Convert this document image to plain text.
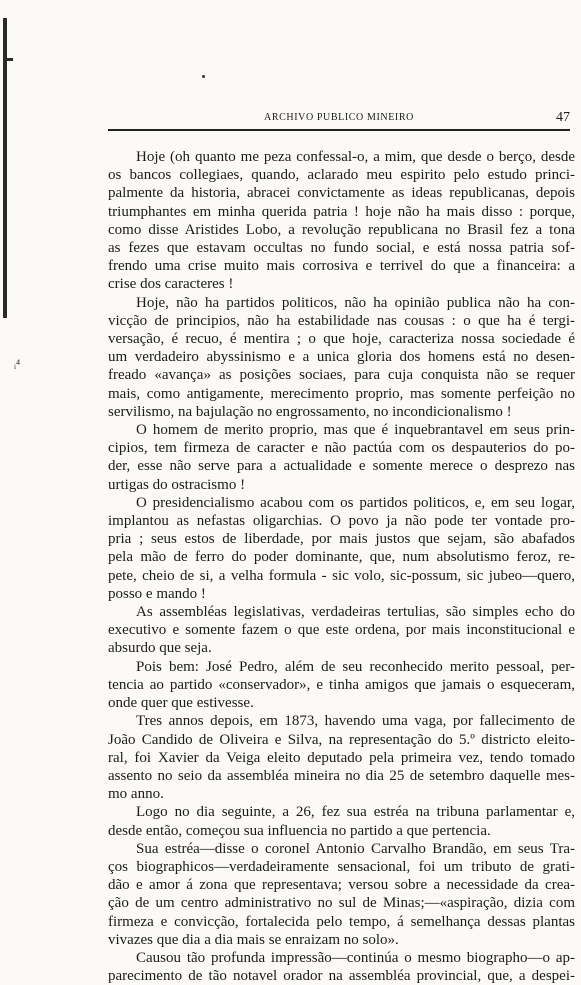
ᵢ⁴
ARCHIVO PUBLICO MINEIRO	47
Hoje (oh quanto me peza confessal-o, a mim, que desde o berço, desde
os bancos collegiaes, quando, aclarado meu espirito pelo estudo princi-
palmente da historia, abracei convictamente as ideas republicanas, depois
triumphantes em minha querida patria ! hoje não ha mais disso : porque,
como disse Aristides Lobo, a revolução republicana no Brasil fez a tona
as fezes que estavam occultas no fundo social, e está nossa patria sof-
frendo uma crise muito mais corrosiva e terrivel do que a financeira: a
crise dos caracteres !
Hoje, não ha partidos politicos, não ha opinião publica não ha con-
vicção de principios, não ha estabilidade nas cousas : o que ha é tergi-
versação, é recuo, é mentira ; o que hoje, caracteriza nossa sociedade é
um verdadeiro abyssinismo e a unica gloria dos homens está no desen-
freado «avança» as posições sociaes, para cuja conquista não se requer
mais, como antigamente, merecimento proprio, mas somente perfeição no
servilismo, na bajulação no engrossamento, no incondicionalismo !
O homem de merito proprio, mas que é inquebrantavel em seus prin-
cipios, tem firmeza de caracter e não pactúa com os despauterios do po-
der, esse não serve para a actualidade e somente merece o desprezo nas
urtigas do ostracismo !
O presidencialismo acabou com os partidos politicos, e, em seu logar,
implantou as nefastas oligarchias. O povo ja não pode ter vontade pro-
pria ; seus estos de liberdade, por mais justos que sejam, são abafados
pela mão de ferro do poder dominante, que, num absolutismo feroz, re-
pete, cheio de si, a velha formula - sic volo, sic-possum, sic jubeo—quero,
posso e mando !
As assembléas legislativas, verdadeiras tertulias, são simples echo do
executivo e somente fazem o que este ordena, por mais inconstitucional e
absurdo que seja.
Pois bem: José Pedro, além de seu reconhecido merito pessoal, per-
tencia ao partido «conservador», e tinha amigos que jamais o esqueceram,
onde quer que estivesse.
Tres annos depois, em 1873, havendo uma vaga, por fallecimento de
João Candido de Oliveira e Silva, na representação do 5.º districto eleito-
ral, foi Xavier da Veiga eleito deputado pela primeira vez, tendo tomado
assento no seio da assembléa mineira no dia 25 de setembro daquelle mes-
mo anno.
Logo no dia seguinte, a 26, fez sua estréa na tribuna parlamentar e,
desde então, começou sua influencia no partido a que pertencia.
Sua estréa—disse o coronel Antonio Carvalho Brandão, em seus Tra-
ços biographicos—verdadeiramente sensacional, foi um tributo de grati-
dão e amor á zona que representava; versou sobre a necessidade da crea-
ção de um centro administrativo no sul de Minas;—«aspiração, dizia com
firmeza e convicção, fortalecida pelo tempo, á semelhança dessas plantas
vivazes que dia a dia mais se enraizam no solo».
Causou tão profunda impressão—continúa o mesmo biographo—o ap-
parecimento de tão notavel orador na assembléa provincial, que, a despei-
